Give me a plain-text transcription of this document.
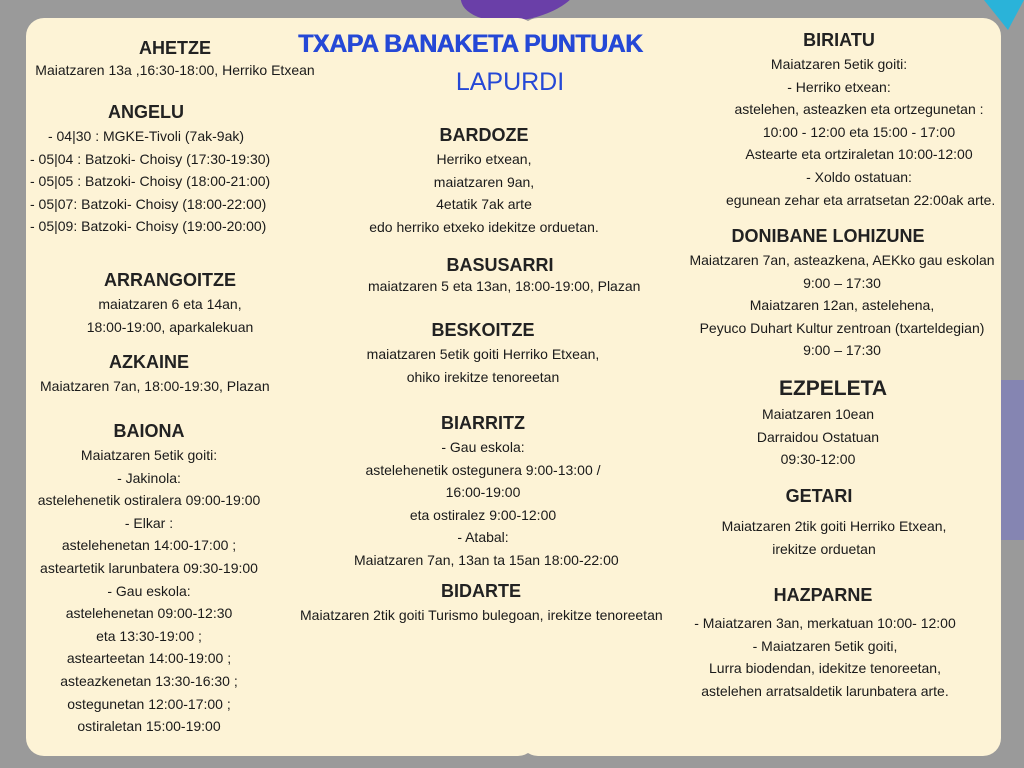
TXAPA BANAKETA PUNTUAK
LAPURDI
AHETZE
Maiatzaren 13a ,16:30-18:00, Herriko Etxean
ANGELU
- 04|30 : MGKE-Tivoli (7ak-9ak)
- 05|04 : Batzoki- Choisy (17:30-19:30)
- 05|05 : Batzoki- Choisy (18:00-21:00)
- 05|07: Batzoki- Choisy (18:00-22:00)
- 05|09: Batzoki- Choisy (19:00-20:00)
ARRANGOITZE
maiatzaren 6 eta 14an,
18:00-19:00, aparkalekuan
AZKAINE
Maiatzaren 7an, 18:00-19:30, Plazan
BAIONA
Maiatzaren 5etik goiti:
- Jakinola:
astelehenetik ostiralera 09:00-19:00
- Elkar :
astelehenetan 14:00-17:00 ;
asteartetik larunbatera 09:30-19:00
- Gau eskola:
astelehenetan 09:00-12:30
eta 13:30-19:00 ;
astearteetan 14:00-19:00 ;
asteazkenetan 13:30-16:30 ;
ostegunetan 12:00-17:00 ;
ostiraletan 15:00-19:00
BARDOZE
Herriko etxean,
maiatzaren 9an,
4etatik 7ak arte
edo herriko etxeko idekitze orduetan.
BASUSARRI
maiatzaren 5 eta 13an, 18:00-19:00, Plazan
BESKOITZE
maiatzaren 5etik goiti Herriko Etxean,
ohiko irekitze tenoreetan
BIARRITZ
- Gau eskola:
astelehenetik ostegunera 9:00-13:00 /
16:00-19:00
eta ostiralez 9:00-12:00
- Atabal:
Maiatzaren 7an, 13an ta 15an 18:00-22:00
BIDARTE
Maiatzaren 2tik goiti Turismo bulegoan, irekitze tenoreetan
BIRIATU
Maiatzaren 5etik goiti:
- Herriko etxean:
astelehen, asteazken eta ortzegunetan :
10:00 - 12:00 eta 15:00 - 17:00
Astearte eta ortziraletan 10:00-12:00
- Xoldo ostatuan:
egunean zehar eta arratsetan 22:00ak arte.
DONIBANE LOHIZUNE
Maiatzaren 7an, asteazkena, AEKko gau eskolan
9:00 – 17:30
Maiatzaren 12an, astelehena,
Peyuco Duhart Kultur zentroan (txarteldegian)
9:00 – 17:30
EZPELETA
Maiatzaren 10ean
Darraidou Ostatuan
09:30-12:00
GETARI
Maiatzaren 2tik goiti Herriko Etxean,
irekitze orduetan
HAZPARNE
- Maiatzaren 3an, merkatuan 10:00- 12:00
- Maiatzaren 5etik goiti,
Lurra biodendan, idekitze tenoreetan,
astelehen arratsaldetik larunbatera arte.
